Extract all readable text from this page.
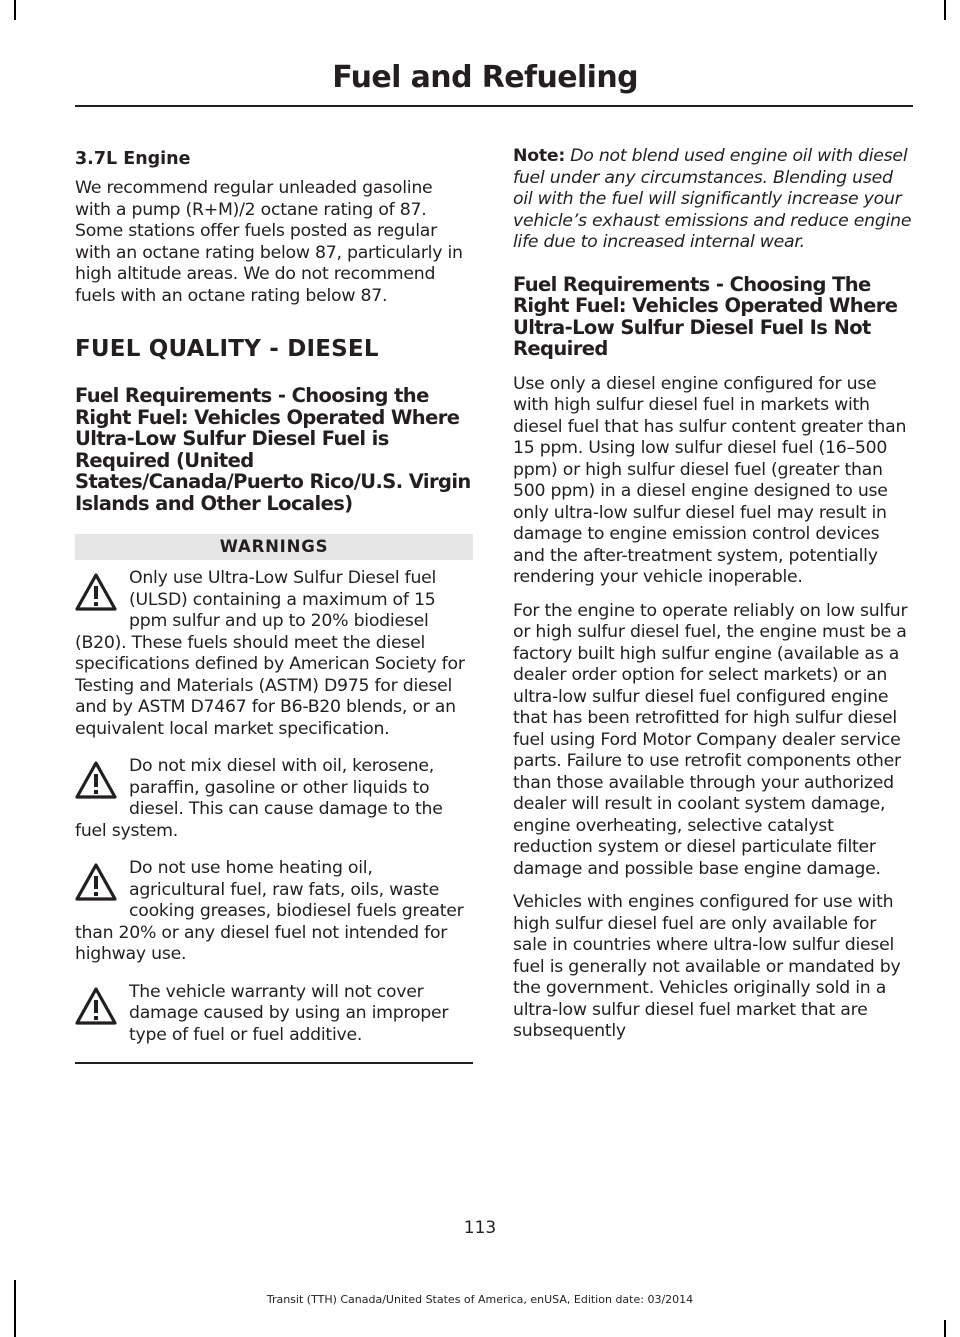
Fuel and Refueling
3.7L Engine

We recommend regular unleaded gasoline with a pump (R+M)/2 octane rating of 87. Some stations offer fuels posted as regular with an octane rating below 87, particularly in high altitude areas. We do not recommend fuels with an octane rating below 87.

FUEL QUALITY - DIESEL
Fuel Requirements - Choosing the Right Fuel: Vehicles Operated Where Ultra-Low Sulfur Diesel Fuel is Required (United States/Canada/Puerto Rico/U.S. Virgin Islands and Other Locales)
WARNINGS
Only use Ultra-Low Sulfur Diesel fuel (ULSD) containing a maximum of 15 ppm sulfur and up to 20% biodiesel (B20). These fuels should meet the diesel specifications defined by American Society for Testing and Materials (ASTM) D975 for diesel and by ASTM D7467 for B6-B20 blends, or an equivalent local market specification.
Do not mix diesel with oil, kerosene, paraffin, gasoline or other liquids to diesel. This can cause damage to the fuel system.
Do not use home heating oil, agricultural fuel, raw fats, oils, waste cooking greases, biodiesel fuels greater than 20% or any diesel fuel not intended for highway use.
The vehicle warranty will not cover damage caused by using an improper type of fuel or fuel additive.

Note: Do not blend used engine oil with diesel fuel under any circumstances. Blending used oil with the fuel will significantly increase your vehicle’s exhaust emissions and reduce engine life due to increased internal wear.

Fuel Requirements - Choosing The Right Fuel: Vehicles Operated Where Ultra-Low Sulfur Diesel Fuel Is Not Required

Use only a diesel engine configured for use with high sulfur diesel fuel in markets with diesel fuel that has sulfur content greater than 15 ppm. Using low sulfur diesel fuel (16–500 ppm) or high sulfur diesel fuel (greater than 500 ppm) in a diesel engine designed to use only ultra-low sulfur diesel fuel may result in damage to engine emission control devices and the after-treatment system, potentially rendering your vehicle inoperable.

For the engine to operate reliably on low sulfur or high sulfur diesel fuel, the engine must be a factory built high sulfur engine (available as a dealer order option for select markets) or an ultra-low sulfur diesel fuel configured engine that has been retrofitted for high sulfur diesel fuel using Ford Motor Company dealer service parts. Failure to use retrofit components other than those available through your authorized dealer will result in coolant system damage, engine overheating, selective catalyst reduction system or diesel particulate filter damage and possible base engine damage.

Vehicles with engines configured for use with high sulfur diesel fuel are only available for sale in countries where ultra-low sulfur diesel fuel is generally not available or mandated by the government. Vehicles originally sold in a ultra-low sulfur diesel fuel market that are subsequently

113
Transit (TTH) Canada/United States of America, enUSA, Edition date: 03/2014
